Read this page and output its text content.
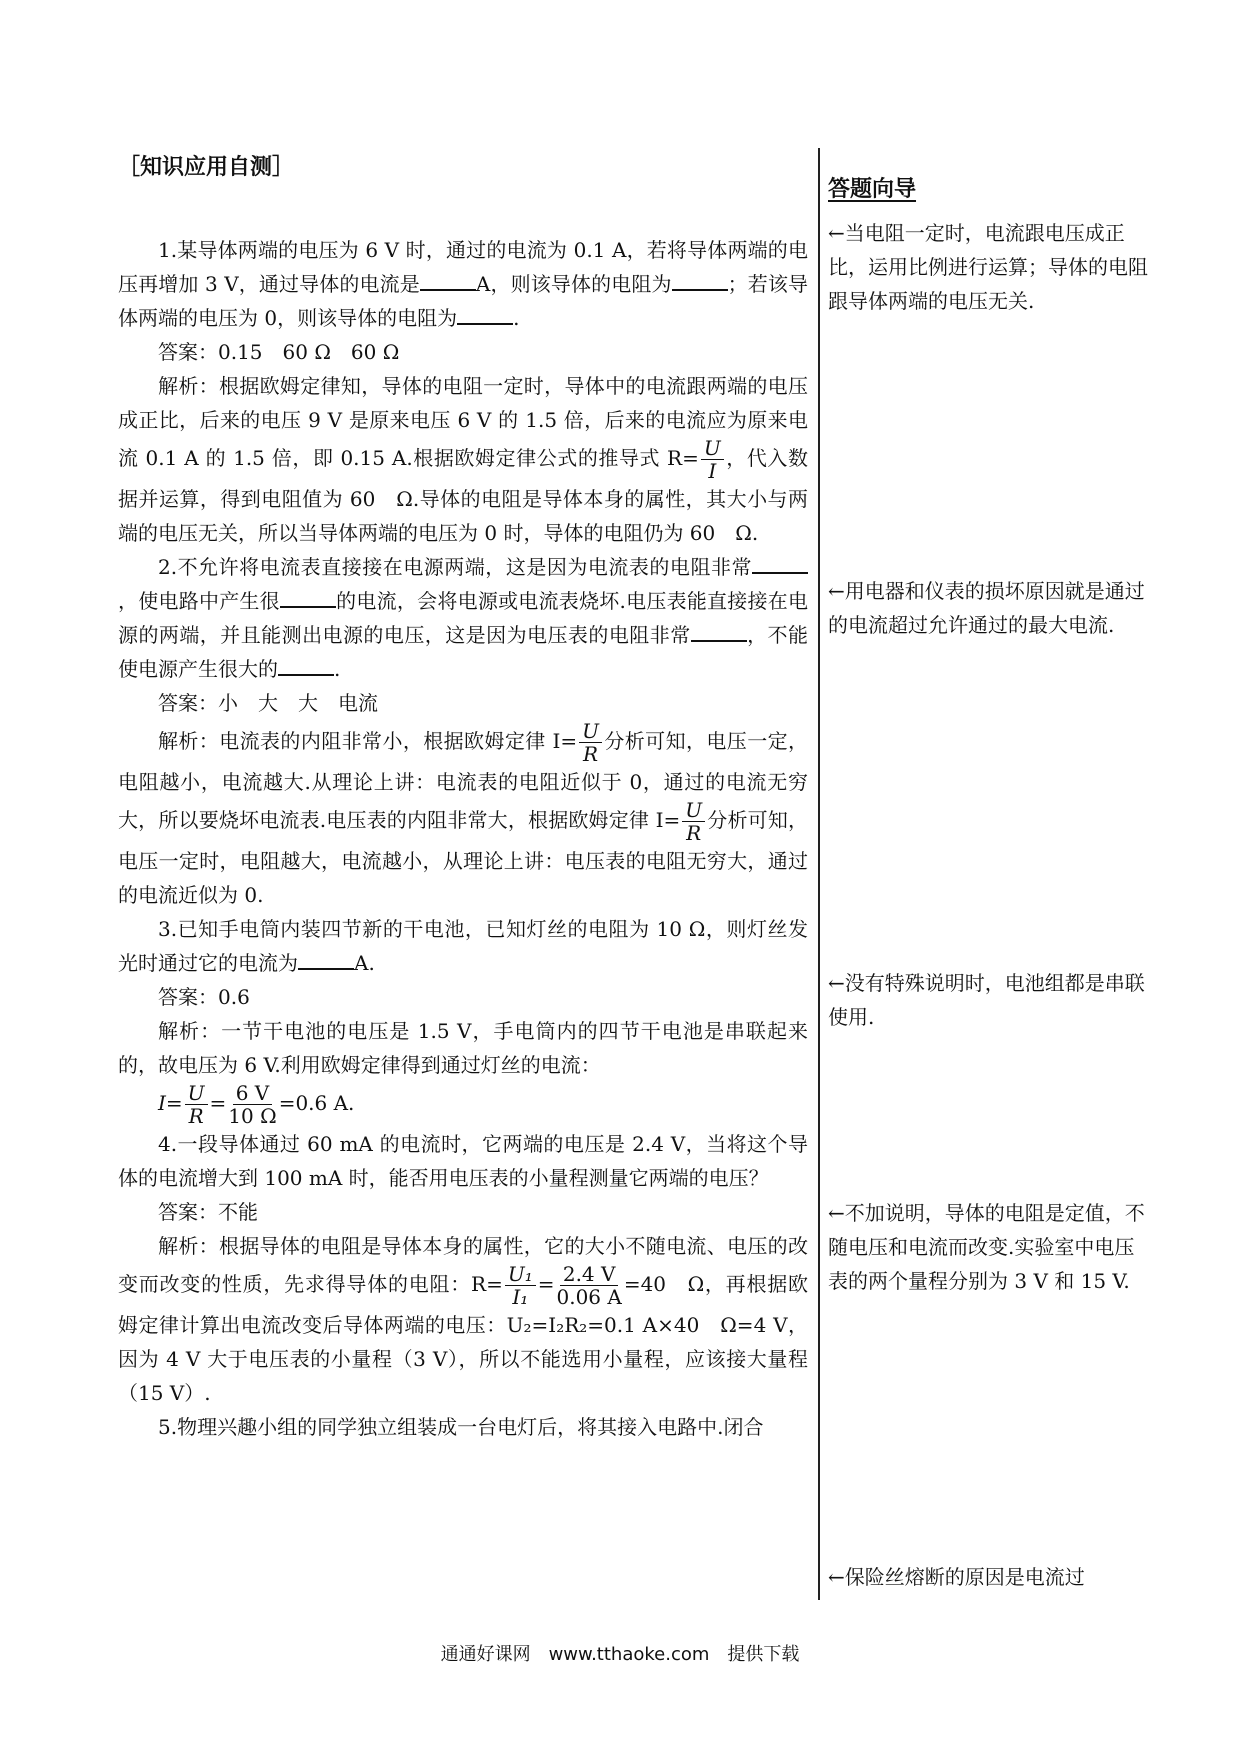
答题向导
［知识应用自测］

1.某导体两端的电压为 6 V 时，通过的电流为 0.1 A，若将导体两端的电压再增加 3 V，通过导体的电流是	A，则该导体的电阻为	；若该导体两端的电压为 0，则该导体的电阻为	.

答案：0.15　60 Ω　60 Ω

解析：根据欧姆定律知，导体的电阻一定时，导体中的电流跟两端的电压成正比，后来的电压 9 V 是原来电压 6 V 的 1.5 倍，后来的电流应为原来电流 0.1 A 的 1.5 倍，即 0.15 A.根据欧姆定律公式的推导式 $R= \frac{U}{I}$ ，代入数据并运算，得到电阻值为 60　Ω.导体的电阻是导体本身的属性，其大小与两端的电压无关，所以当导体两端的电压为 0 时，导体的电阻仍为 60　Ω.

2.不允许将电流表直接接在电源两端，这是因为电流表的电阻非常，使电路中产生很	的电流，会将电源或电流表烧坏.电压表能直接接在电源的两端，并且能测出电源的电压，这是因为电压表的电阻非常	，不能使电源产生很大的	.

答案：小　大　大　电流

解析：电流表的内阻非常小，根据欧姆定律 $I= \frac{U}{R}$ 分析可知，电压一定，电阻越小，电流越大.从理论上讲：电流表的电阻近似于 0，通过的电流无穷大，所以要烧坏电流表.电压表的内阻非常大，根据欧姆定律 $I= \frac{U}{R}$ 分析可知，电压一定时，电阻越大，电流越小，从理论上讲：电压表的电阻无穷大，通过的电流近似为 0.

3.已知手电筒内装四节新的干电池，已知灯丝的电阻为 10 Ω，则灯丝发光时通过它的电流为	A.

答案：0.6

解析：一节干电池的电压是 1.5 V，手电筒内的四节干电池是串联起来的，故电压为 6 V.利用欧姆定律得到通过灯丝的电流：

$I= \frac{U}{R} = \frac{6 V}{10 \Omega} =0.6$ A.

4.一段导体通过 60 mA 的电流时，它两端的电压是 2.4 V，当将这个导体的电流增大到 100 mA 时，能否用电压表的小量程测量它两端的电压？

答案：不能

解析：根据导体的电阻是导体本身的属性，它的大小不随电流、电压的改变而改变的性质，先求得导体的电阻：$R= \frac{\text{U₁}}{\text{I₁}} = \frac{2.4 V}{0.06 A} =40$　Ω，再根据欧姆定律计算出电流改变后导体两端的电压：U₂=I₂R₂=0.1 A×40　Ω=4 V，因为 4 V 大于电压表的小量程（3 V），所以不能选用小量程，应该接大量程（15 V）.

5.物理兴趣小组的同学独立组装成一台电灯后，将其接入电路中.闭合

←当电阻一定时，电流跟电压成正比，运用比例进行运算；导体的电阻跟导体两端的电压无关.
←用电器和仪表的损坏原因就是通过的电流超过允许通过的最大电流.
←没有特殊说明时，电池组都是串联使用.
←不加说明，导体的电阻是定值，不随电压和电流而改变.实验室中电压表的两个量程分别为 3 V 和 15 V.
←保险丝熔断的原因是电流过
通通好课网　www.tthaoke.com　提供下载
